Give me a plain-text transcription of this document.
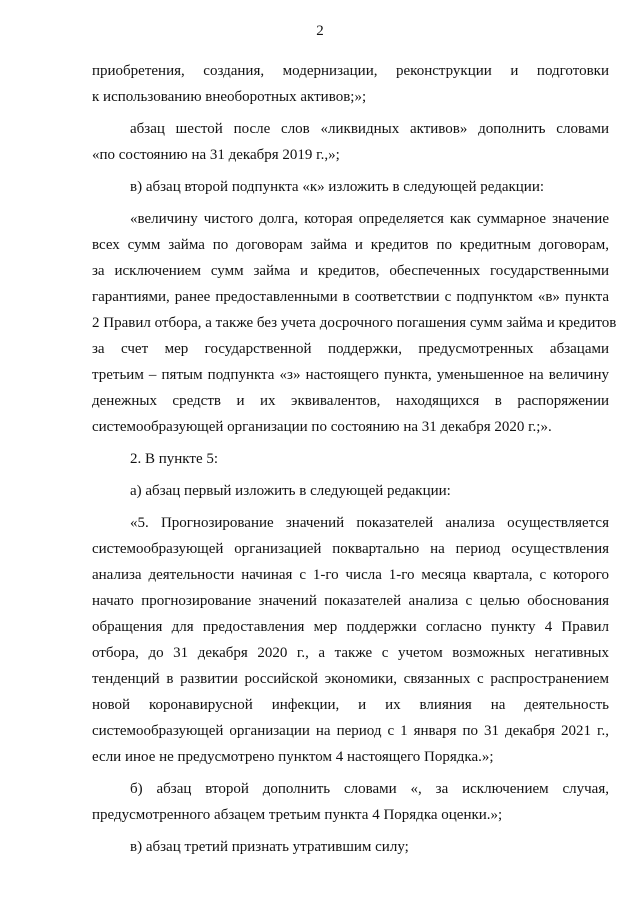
2
приобретения, создания, модернизации, реконструкции и подготовки
к использованию внеоборотных активов;»;
абзац шестой после слов «ликвидных активов» дополнить словами
«по состоянию на 31 декабря 2019 г.,»;
в) абзац второй подпункта «к» изложить в следующей редакции:
«величину чистого долга, которая определяется как суммарное значение
всех сумм займа по договорам займа и кредитов по кредитным договорам,
за исключением сумм займа и кредитов, обеспеченных государственными
гарантиями, ранее предоставленными в соответствии с подпунктом «в» пункта
2 Правил отбора, а также без учета досрочного погашения сумм займа и кредитов
за счет мер государственной поддержки, предусмотренных абзацами
третьим – пятым подпункта «з» настоящего пункта, уменьшенное на величину
денежных средств и их эквивалентов, находящихся в распоряжении
системообразующей организации по состоянию на 31 декабря 2020 г.;».
2. В пункте 5:
а) абзац первый изложить в следующей редакции:
«5. Прогнозирование значений показателей анализа осуществляется
системообразующей организацией поквартально на период осуществления
анализа деятельности начиная с 1-го числа 1-го месяца квартала, с которого
начато прогнозирование значений показателей анализа с целью обоснования
обращения для предоставления мер поддержки согласно пункту 4 Правил
отбора, до 31 декабря 2020 г., а также с учетом возможных негативных
тенденций в развитии российской экономики, связанных с распространением
новой коронавирусной инфекции, и их влияния на деятельность
системообразующей организации на период с 1 января по 31 декабря 2021 г.,
если иное не предусмотрено пунктом 4 настоящего Порядка.»;
б) абзац второй дополнить словами «, за исключением случая,
предусмотренного абзацем третьим пункта 4 Порядка оценки.»;
в) абзац третий признать утратившим силу;
